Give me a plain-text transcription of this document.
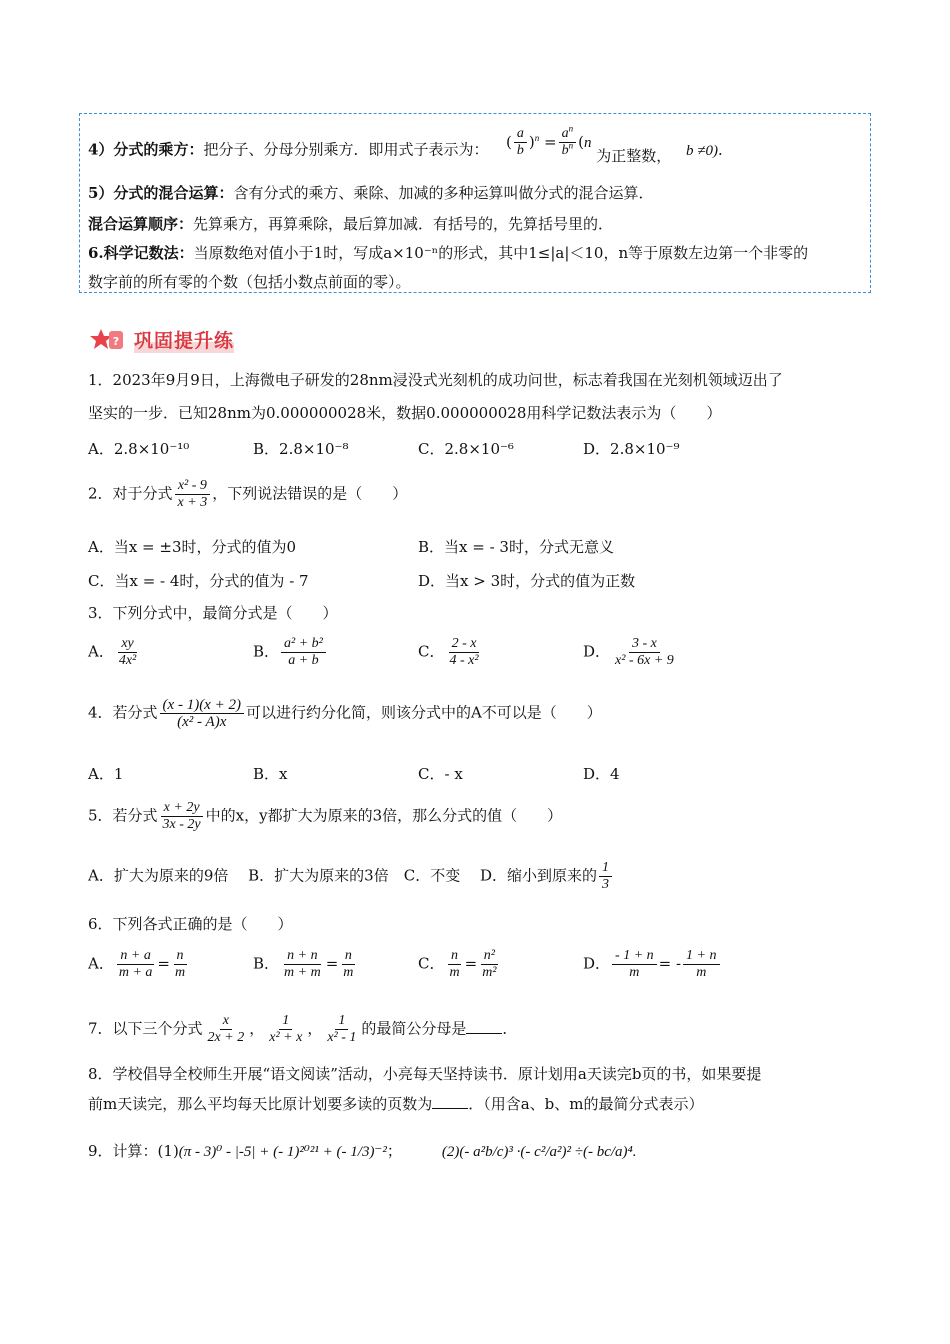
4）分式的乘方：把分子、分母分别乘方．即用式子表示为：  ( $\frac{a}{b} )^n = \frac{a^n}{b^n} (n$ 为正整数， b ≠0)．
5）分式的混合运算：含有分式的乘方、乘除、加减的多种运算叫做分式的混合运算．
混合运算顺序：先算乘方，再算乘除，最后算加减．有括号的，先算括号里的．
6.科学记数法：当原数绝对值小于1时，写成a×10⁻ⁿ的形式，其中1≤|a|＜10，n等于原数左边第一个非零的
数字前的所有零的个数（包括小数点前面的零）。
? 巩固提升练
1．2023年9月9日，上海微电子研发的28nm浸没式光刻机的成功问世，标志着我国在光刻机领域迈出了
坚实的一步．已知28nm为0.000000028米，数据0.000000028用科学记数法表示为（　　）
A．2.8×10⁻¹⁰	B．2.8×10⁻⁸	C．2.8×10⁻⁶	D．2.8×10⁻⁹
2．对于分式 $\frac{\text{x² - 9}}{x + 3}$ ，下列说法错误的是（　　）
A．当x = ±3时，分式的值为0	B．当x = - 3时，分式无意义
C．当x = - 4时，分式的值为 - 7	D．当x > 3时，分式的值为正数
3．下列分式中，最简分式是（　　）
A． $\frac{xy}{\text{4x²}}$	B． $\frac{\text{a² + b²}}{a + b}$	C． $\frac{2 - x}{\text{4 - x²}}$	D． $\frac{3 - x}{\text{x² - 6x + 9}}$
4．若分式 $\frac{(x - 1)(x + 2)}{\text{(x² - A)x}}$ 可以进行约分化简，则该分式中的A不可以是（　　）
A．1	B．x	C．- x	D．4
5．若分式 $\frac{x + 2y}{3x - 2y}$ 中的x，y都扩大为原来的3倍，那么分式的值（　　）
A．扩大为原来的9倍　 B．扩大为原来的3倍　C．不变　 D．缩小到原来的 $\frac{1}{3}$
6．下列各式正确的是（　　）
A． $\frac{n + a}{m + a} = \frac{n}{m}$	B． $\frac{n + n}{m + m} = \frac{n}{m}$	C． $\frac{n}{m} = \frac{\text{n²}}{\text{m²}}$	D． $\frac{- 1 + n}{m}$ = - $\frac{1 + n}{m}$
7．以下三个分式 $\frac{x}{2x + 2}$ ， $\frac{1}{\text{x² + x}}$ ， $\frac{1}{\text{x² - 1}}$ 的最简公分母是 ．
8．学校倡导全校师生开展“语文阅读”活动，小亮每天坚持读书．原计划用a天读完b页的书，如果要提
前m天读完，那么平均每天比原计划要多读的页数为 ．（用含a、b、m的最简分式表示）
9．计算：(1)(π - 3)⁰ - |-5| + (- 1)²⁰²¹ + (- 1/3)⁻²；	(2)(- a²b/c)³ ·(- c²/a²)² ÷(- bc/a)⁴.
